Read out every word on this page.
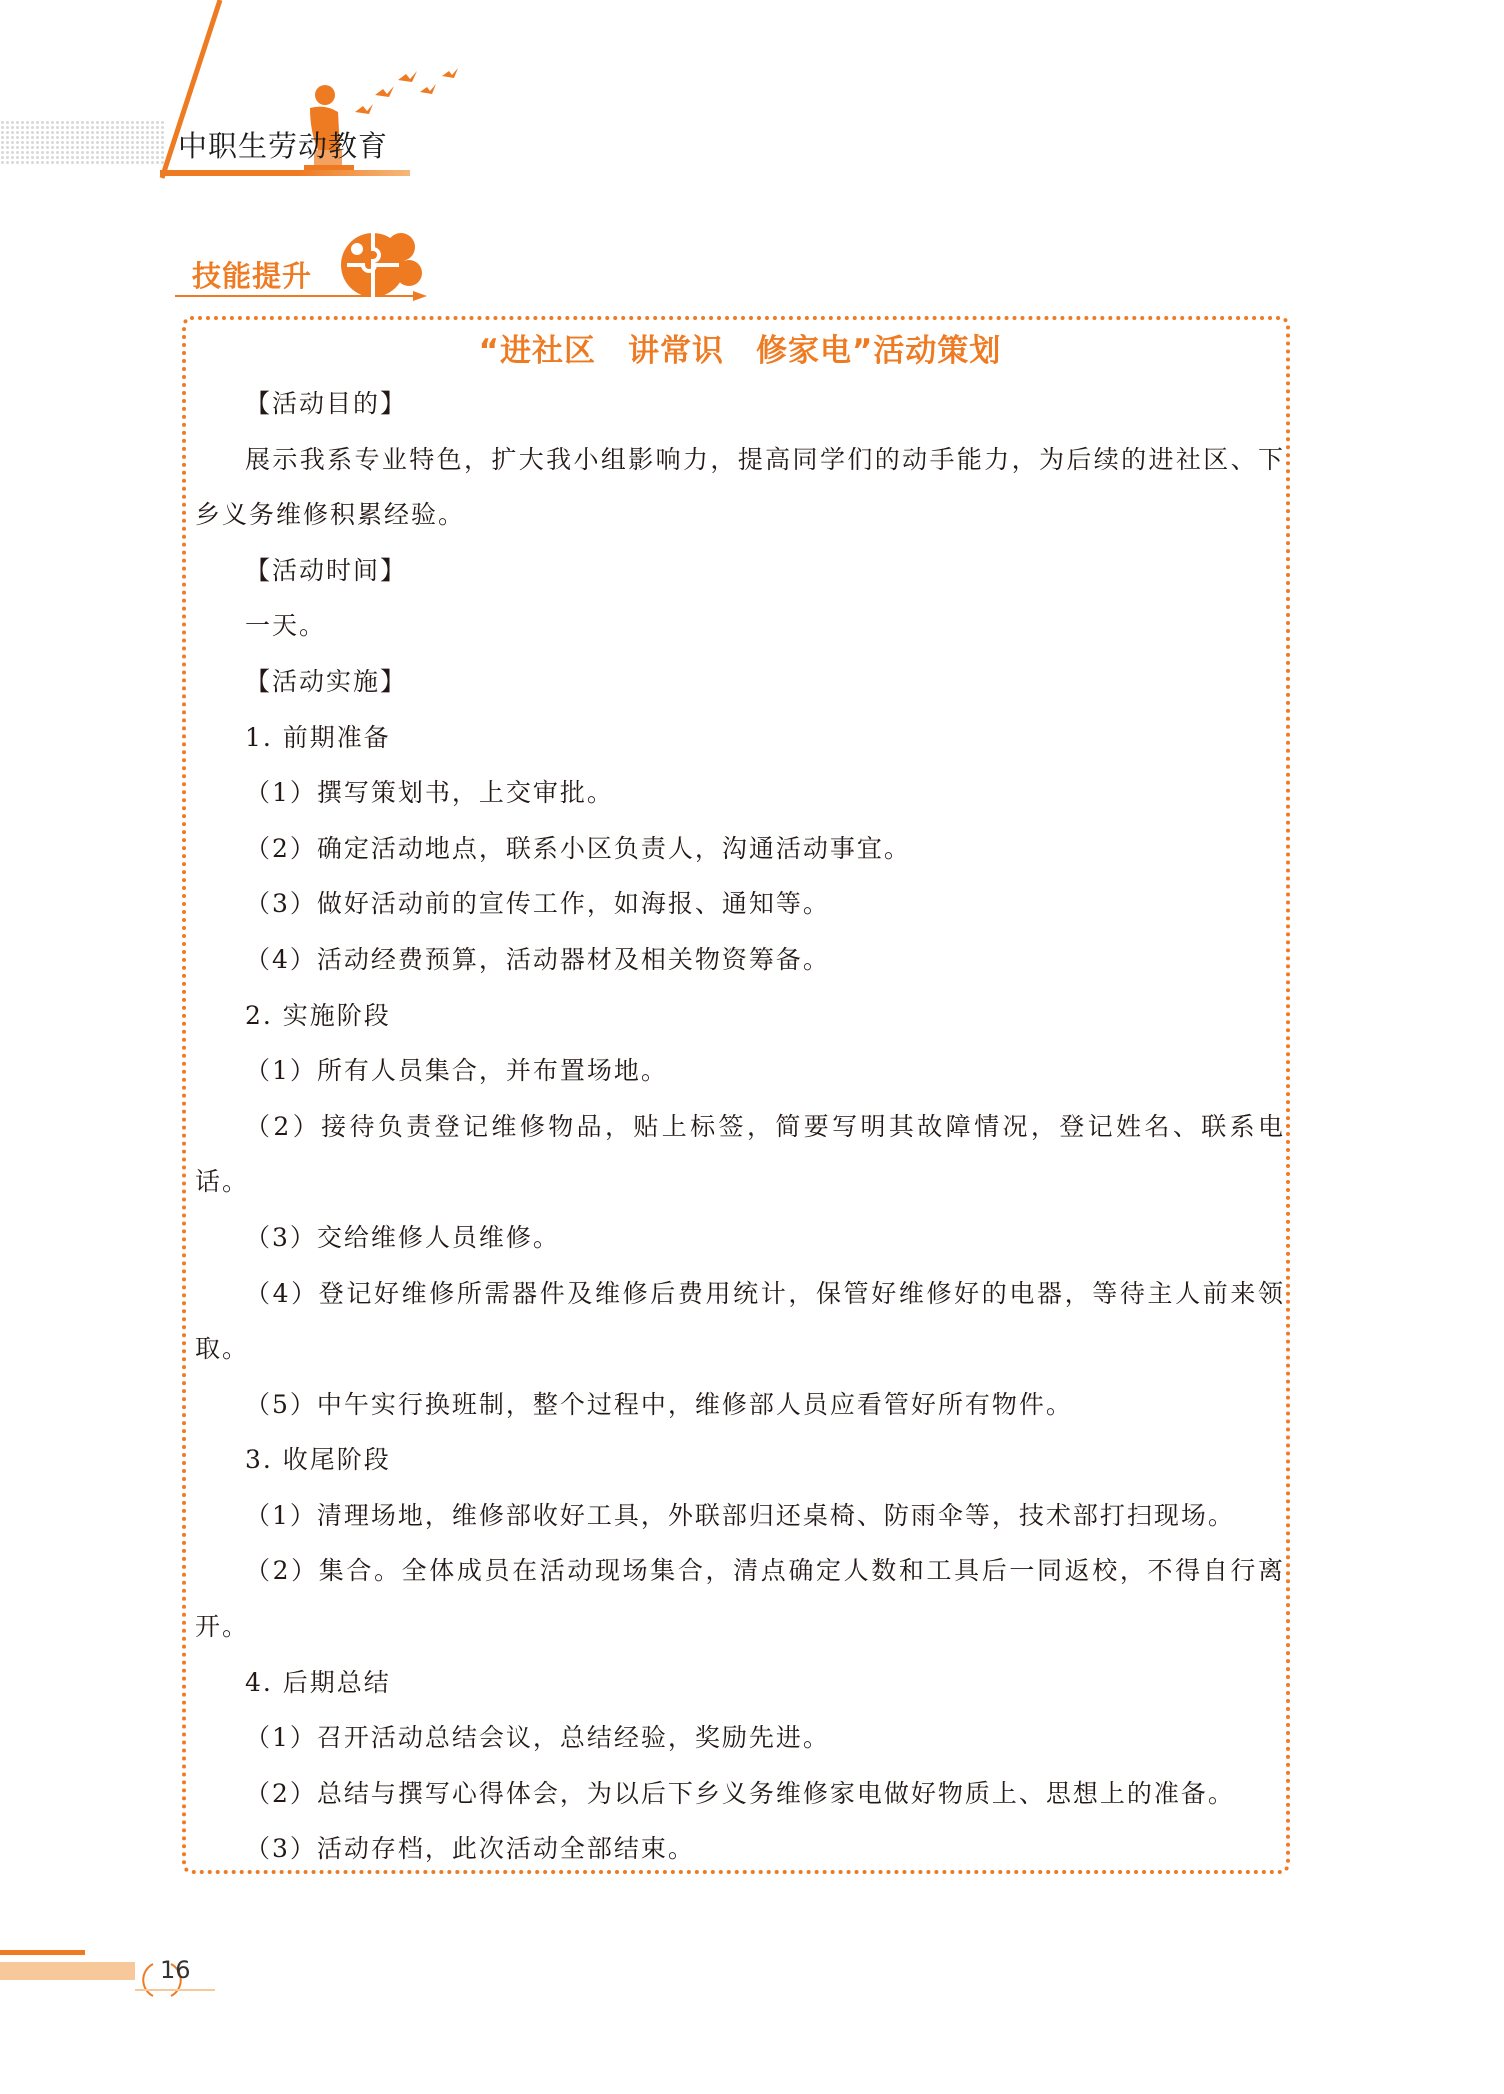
中职生劳动教育
技能提升
“进社区　讲常识　修家电”活动策划

【活动目的】

展示我系专业特色，扩大我小组影响力，提高同学们的动手能力，为后续的进社区、下乡义务维修积累经验。

【活动时间】

一天。

【活动实施】

1. 前期准备

（1）撰写策划书，上交审批。

（2）确定活动地点，联系小区负责人，沟通活动事宜。

（3）做好活动前的宣传工作，如海报、通知等。

（4）活动经费预算，活动器材及相关物资筹备。

2. 实施阶段

（1）所有人员集合，并布置场地。

（2）接待负责登记维修物品，贴上标签，简要写明其故障情况，登记姓名、联系电话。

（3）交给维修人员维修。

（4）登记好维修所需器件及维修后费用统计，保管好维修好的电器，等待主人前来领取。

（5）中午实行换班制，整个过程中，维修部人员应看管好所有物件。

3. 收尾阶段

（1）清理场地，维修部收好工具，外联部归还桌椅、防雨伞等，技术部打扫现场。

（2）集合。全体成员在活动现场集合，清点确定人数和工具后一同返校，不得自行离开。

4. 后期总结

（1）召开活动总结会议，总结经验，奖励先进。

（2）总结与撰写心得体会，为以后下乡义务维修家电做好物质上、思想上的准备。

（3）活动存档，此次活动全部结束。

16
